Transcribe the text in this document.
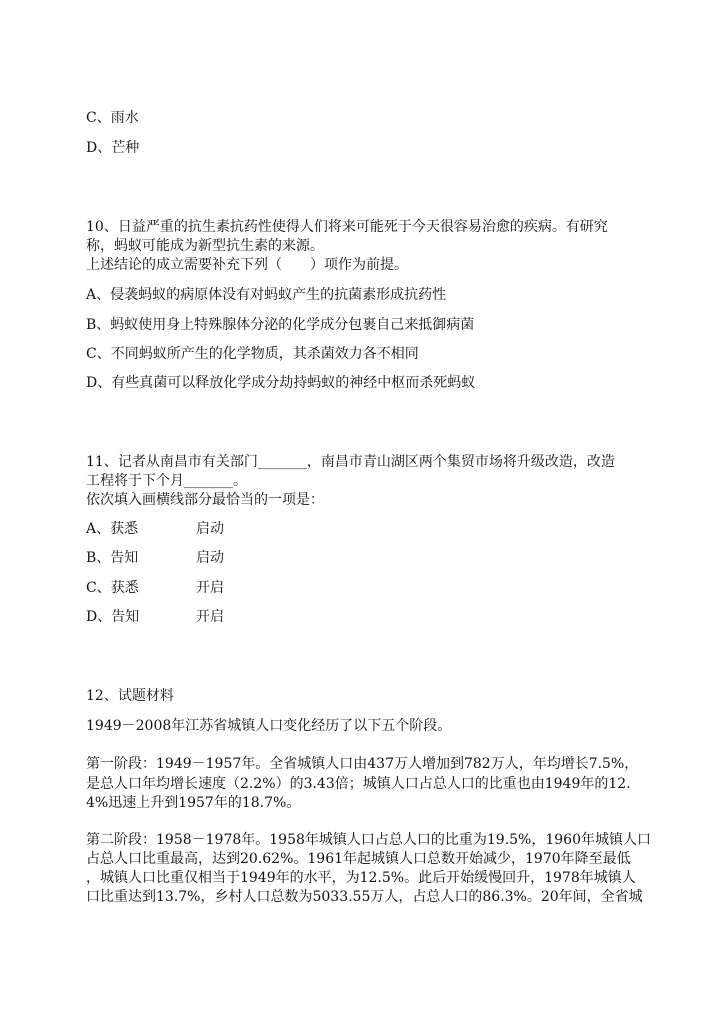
C、雨水
D、芒种
10、日益严重的抗生素抗药性使得人们将来可能死于今天很容易治愈的疾病。有研究
称，蚂蚁可能成为新型抗生素的来源。
上述结论的成立需要补充下列（　　）项作为前提。
A、侵袭蚂蚁的病原体没有对蚂蚁产生的抗菌素形成抗药性
B、蚂蚁使用身上特殊腺体分泌的化学成分包裹自己来抵御病菌
C、不同蚂蚁所产生的化学物质，其杀菌效力各不相同
D、有些真菌可以释放化学成分劫持蚂蚁的神经中枢而杀死蚂蚁
11、记者从南昌市有关部门_______，南昌市青山湖区两个集贸市场将升级改造，改造
工程将于下个月_______。
依次填入画横线部分最恰当的一项是：
A、获悉	启动
B、告知	启动
C、获悉	开启
D、告知	开启
12、试题材料
1949－2008年江苏省城镇人口变化经历了以下五个阶段。
第一阶段：1949－1957年。全省城镇人口由437万人增加到782万人，年均增长7.5%，
是总人口年均增长速度（2.2%）的3.43倍；城镇人口占总人口的比重也由1949年的12.
4%迅速上升到1957年的18.7%。
第二阶段：1958－1978年。1958年城镇人口占总人口的比重为19.5%，1960年城镇人口
占总人口比重最高，达到20.62%。1961年起城镇人口总数开始减少，1970年降至最低
，城镇人口比重仅相当于1949年的水平，为12.5%。此后开始缓慢回升，1978年城镇人
口比重达到13.7%，乡村人口总数为5033.55万人，占总人口的86.3%。20年间，全省城
